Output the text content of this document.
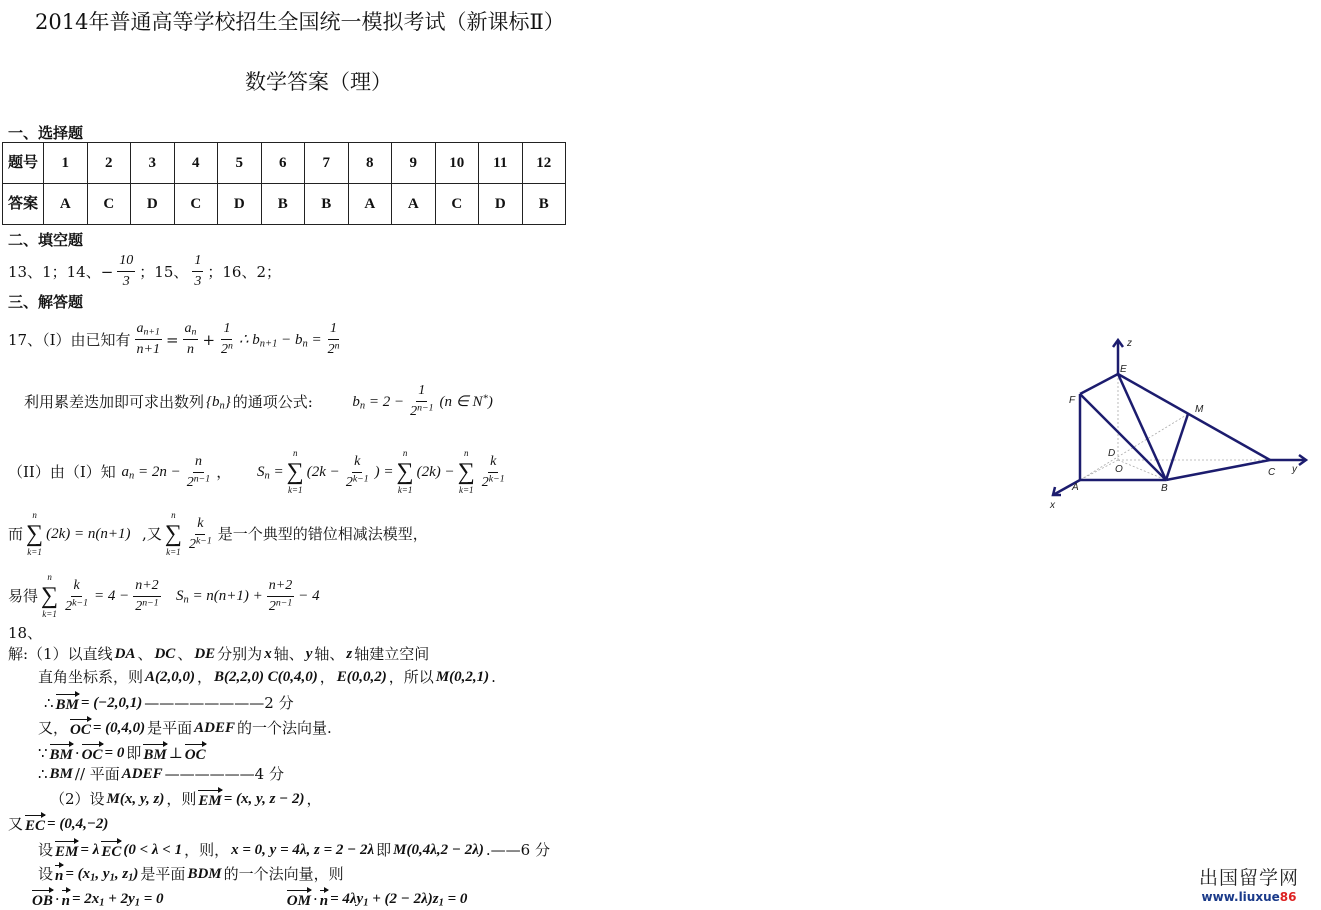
2014年普通高等学校招生全国统一模拟考试（新课标Ⅱ）
数学答案（理）
一、选择题
题号	1	2	3	4	5	6	7	8	9	10	11	12
答案	A	C	D	C	D	B	B	A	A	C	D	B
二、填空题
三、解答题
13、1；14、− $\frac{10}{3}$ ；15、 $\frac{1}{3}$ ；16、2；
17、（I）由已知有 $\frac{a_{n+1}}{n+1} = \frac{a_n}{n} + \frac{1}{2^n}$ ∴ $b_{n+1} - b_n = \frac{1}{2^n}$
利用累差迭加即可求出数列 $\{b_n\}$ 的通项公式: $b_n = 2 - \frac{1}{2^{n-1}} (n$ ∈ N*)
（II）由（I）知 $a_n = 2n - \frac{n}{2^{n-1}}$ ， $S_n$ =
n
∑
k=1
($2k - \frac{k}{2^{k-1}}$ ) =
n
∑
k=1
(2k) −
n
∑
$k=1 \frac{k}{2^{k-1}}$
而
n
∑
k=1
(2k) = n(n+1) ,又
n
∑
$k=1 \frac{k}{2^{k-1}}$ 是一个典型的错位相减法模型，
易得
n
∑
$k=1 \frac{k}{2^{k-1}} = 4 - \frac{n+2}{2^{n-1}} S_n = n(n+1) + \frac{n+2}{2^{n-1}} - 4$
18、
解:（1）以直线 DA 、 DC 、 DE 分别为 x 轴、 y 轴、 z 轴建立空间
直角坐标系，则 A(2,0,0) ， B(2,2,0) C(0,4,0) ， E(0,0,2) ，所以 M(0,2,1) .
∴ BM = (−2,0,1) ————————2 分
又， OC = (0,4,0) 是平面 ADEF 的一个法向量.
∵ BM · OC = 0 即 BM ⊥ OC
∴ BM // 平面 ADEF ——————4 分
（2）设 M(x, y, z) ，则 EM = (x, y, z − 2) ，
又 EC = (0,4,−2)
设 EM = λ EC (0 < λ < 1 ，则， x = 0, y = 4λ, z = 2 − 2λ 即 M(0,4λ,2 − 2λ) .——6 分
设 $n = (x_1$, $y_1$, $z_1$) 是平面 BDM 的一个法向量，则
OB · $n = 2x_1 + 2y_1 = 0$
	OM · $n = 4\lambda y_1 + (2 - 2\lambda)z_1 = 0$
z
E
F
M
D
O	C y
A	B
x
出国留学网
www.liuxue86
